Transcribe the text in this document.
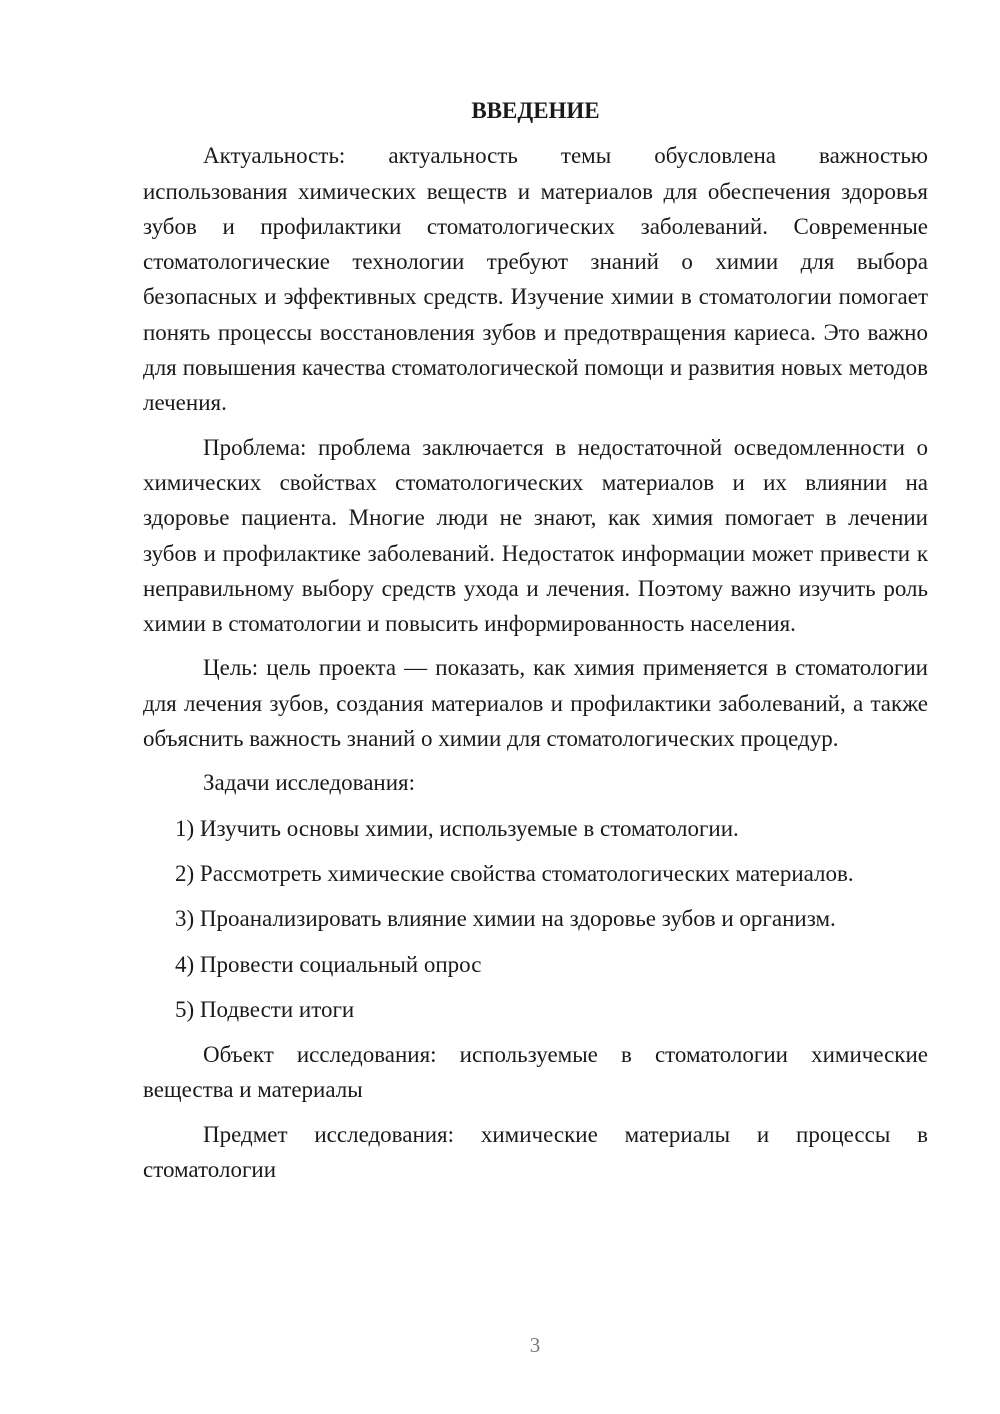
ВВЕДЕНИЕ

Актуальность: актуальность темы обусловлена важностью использования химических веществ и материалов для обеспечения здоровья зубов и профилактики стоматологических заболеваний. Современные стоматологические технологии требуют знаний о химии для выбора безопасных и эффективных средств. Изучение химии в стоматологии помогает понять процессы восстановления зубов и предотвращения кариеса. Это важно для повышения качества стоматологической помощи и развития новых методов лечения.

Проблема: проблема заключается в недостаточной осведомленности о химических свойствах стоматологических материалов и их влиянии на здоровье пациента. Многие люди не знают, как химия помогает в лечении зубов и профилактике заболеваний. Недостаток информации может привести к неправильному выбору средств ухода и лечения. Поэтому важно изучить роль химии в стоматологии и повысить информированность населения.

Цель: цель проекта — показать, как химия применяется в стоматологии для лечения зубов, создания материалов и профилактики заболеваний, а также объяснить важность знаний о химии для стоматологических процедур.

Задачи исследования:

1) Изучить основы химии, используемые в стоматологии.
2) Рассмотреть химические свойства стоматологических материалов.
3) Проанализировать влияние химии на здоровье зубов и организм.
4) Провести социальный опрос
5) Подвести итоги

Объект исследования: используемые в стоматологии химические вещества и материалы

Предмет исследования: химические материалы и процессы в стоматологии

3
